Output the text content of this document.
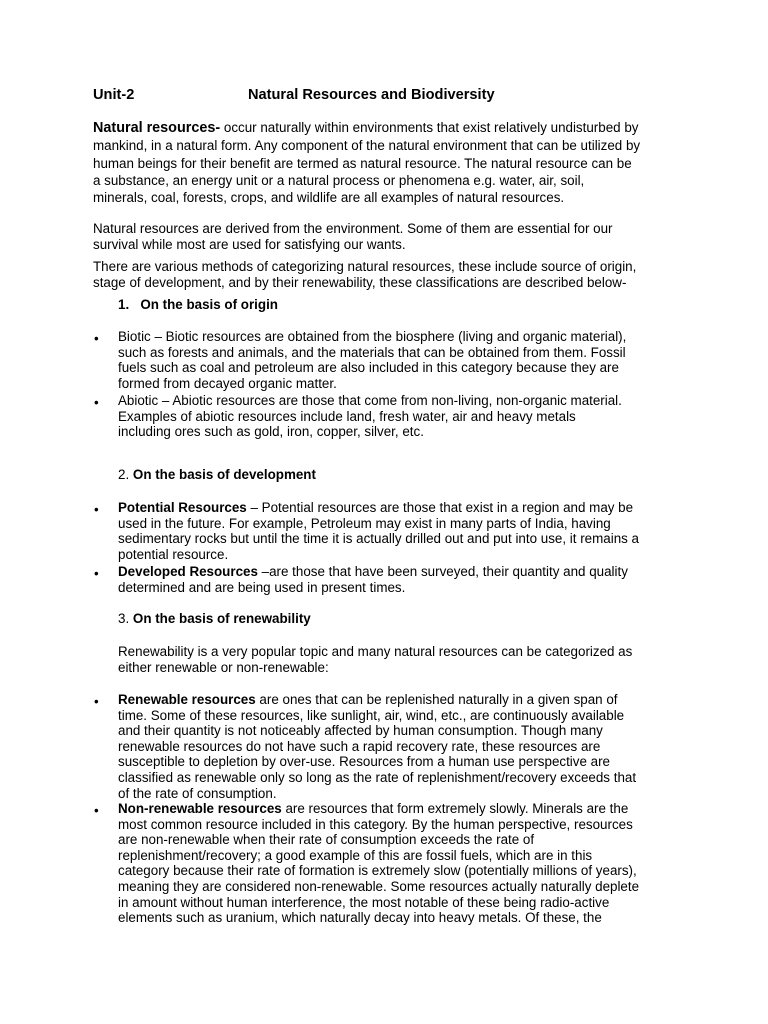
Unit-2	Natural Resources and Biodiversity

Natural resources- occur naturally within environments that exist relatively undisturbed by
mankind, in a natural form. Any component of the natural environment that can be utilized by
human beings for their benefit are termed as natural resource. The natural resource can be
a substance, an energy unit or a natural process or phenomena e.g. water, air, soil,
minerals, coal, forests, crops, and wildlife are all examples of natural resources.

Natural resources are derived from the environment. Some of them are essential for our
survival while most are used for satisfying our wants.

There are various methods of categorizing natural resources, these include source of origin,
stage of development, and by their renewability, these classifications are described below-

1. On the basis of origin

• Biotic – Biotic resources are obtained from the biosphere (living and organic material),
such as forests and animals, and the materials that can be obtained from them. Fossil
fuels such as coal and petroleum are also included in this category because they are
formed from decayed organic matter.

• Abiotic – Abiotic resources are those that come from non-living, non-organic material.
Examples of abiotic resources include land, fresh water, air and heavy metals
including ores such as gold, iron, copper, silver, etc.

2. On the basis of development

• Potential Resources – Potential resources are those that exist in a region and may be
used in the future. For example, Petroleum may exist in many parts of India, having
sedimentary rocks but until the time it is actually drilled out and put into use, it remains a
potential resource.

• Developed Resources –are those that have been surveyed, their quantity and quality
determined and are being used in present times.

3. On the basis of renewability

Renewability is a very popular topic and many natural resources can be categorized as
either renewable or non-renewable:

• Renewable resources are ones that can be replenished naturally in a given span of
time. Some of these resources, like sunlight, air, wind, etc., are continuously available
and their quantity is not noticeably affected by human consumption. Though many
renewable resources do not have such a rapid recovery rate, these resources are
susceptible to depletion by over-use. Resources from a human use perspective are
classified as renewable only so long as the rate of replenishment/recovery exceeds that
of the rate of consumption.

• Non-renewable resources are resources that form extremely slowly. Minerals are the
most common resource included in this category. By the human perspective, resources
are non-renewable when their rate of consumption exceeds the rate of
replenishment/recovery; a good example of this are fossil fuels, which are in this
category because their rate of formation is extremely slow (potentially millions of years),
meaning they are considered non-renewable. Some resources actually naturally deplete
in amount without human interference, the most notable of these being radio-active
elements such as uranium, which naturally decay into heavy metals. Of these, the
